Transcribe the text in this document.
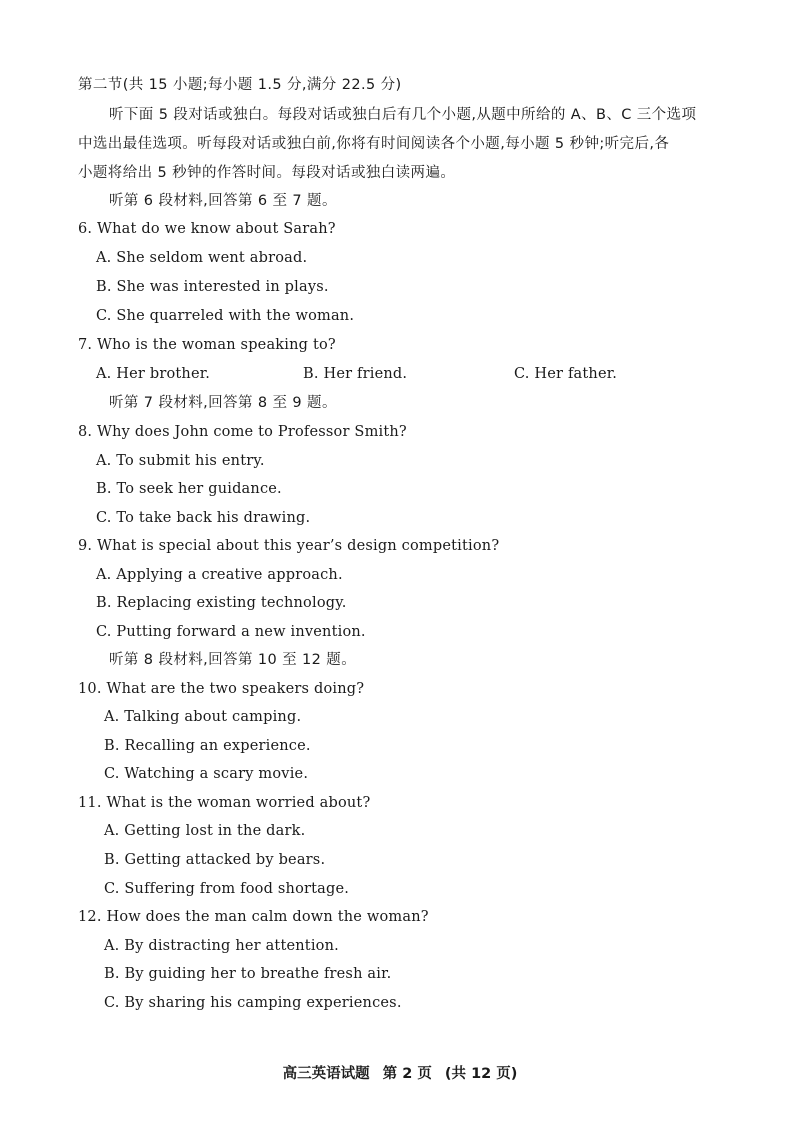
第二节(共 15 小题;每小题 1.5 分,满分 22.5 分)
听下面 5 段对话或独白。每段对话或独白后有几个小题,从题中所给的 A、B、C 三个选项
中选出最佳选项。听每段对话或独白前,你将有时间阅读各个小题,每小题 5 秒钟;听完后,各
小题将给出 5 秒钟的作答时间。每段对话或独白读两遍。
听第 6 段材料,回答第 6 至 7 题。
6. What do we know about Sarah?
A. She seldom went abroad.
B. She was interested in plays.
C. She quarreled with the woman.
7. Who is the woman speaking to?
A. Her brother.	B. Her friend.	C. Her father.
听第 7 段材料,回答第 8 至 9 题。
8. Why does John come to Professor Smith?
A. To submit his entry.
B. To seek her guidance.
C. To take back his drawing.
9. What is special about this year’s design competition?
A. Applying a creative approach.
B. Replacing existing technology.
C. Putting forward a new invention.
听第 8 段材料,回答第 10 至 12 题。
10. What are the two speakers doing?
A. Talking about camping.
B. Recalling an experience.
C. Watching a scary movie.
11. What is the woman worried about?
A. Getting lost in the dark.
B. Getting attacked by bears.
C. Suffering from food shortage.
12. How does the man calm down the woman?
A. By distracting her attention.
B. By guiding her to breathe fresh air.
C. By sharing his camping experiences.
高三英语试题 第 2 页 (共 12 页)
